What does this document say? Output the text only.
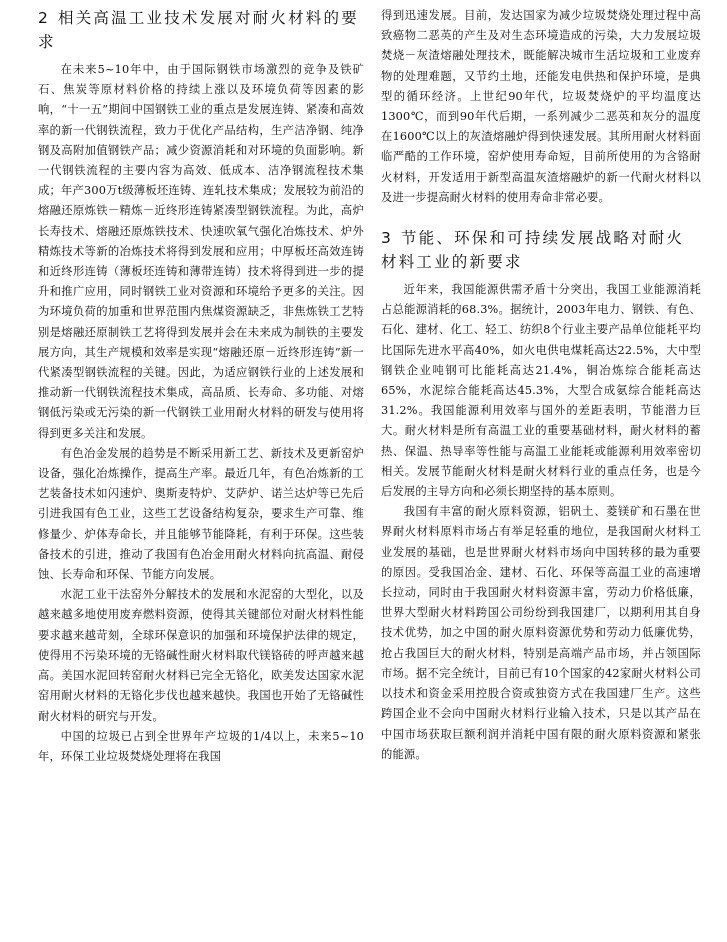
2 相关高温工业技术发展对耐火材料的要求

在未来5~10年中，由于国际钢铁市场激烈的竞争及铁矿石、焦炭等原材料价格的持续上涨以及环境负荷等因素的影响，“十一五”期间中国钢铁工业的重点是发展连铸、紧凑和高效率的新一代钢铁流程，致力于优化产品结构，生产洁净钢、纯净钢及高附加值钢铁产品；减少资源消耗和对环境的负面影响。新一代钢铁流程的主要内容为高效、低成本、洁净钢流程技术集成；年产300万t级薄板坯连铸、连轧技术集成；发展较为前沿的熔融还原炼铁－精炼－近终形连铸紧凑型钢铁流程。为此，高炉长寿技术、熔融还原炼铁技术、快速吹氧气强化冶炼技术、炉外精炼技术等新的冶炼技术将得到发展和应用；中厚板坯高效连铸和近终形连铸（薄板坯连铸和薄带连铸）技术将得到进一步的提升和推广应用，同时钢铁工业对资源和环境给予更多的关注。因为环境负荷的加重和世界范围内焦煤资源缺乏，非焦炼铁工艺特别是熔融还原制铁工艺将得到发展并会在未来成为制铁的主要发展方向，其生产规模和效率是实现“熔融还原－近终形连铸”新一代紧凑型钢铁流程的关键。因此，为适应钢铁行业的上述发展和推动新一代钢铁流程技术集成，高品质、长寿命、多功能、对熔钢低污染或无污染的新一代钢铁工业用耐火材料的研发与使用将得到更多关注和发展。

有色冶金发展的趋势是不断采用新工艺、新技术及更新窑炉设备，强化冶炼操作，提高生产率。最近几年，有色冶炼新的工艺装备技术如闪速炉、奥斯麦特炉、艾萨炉、诺兰达炉等已先后引进我国有色工业，这些工艺设备结构复杂，要求生产可靠、维修量少、炉体寿命长，并且能够节能降耗，有利于环保。这些装备技术的引进，推动了我国有色冶金用耐火材料向抗高温、耐侵蚀、长寿命和环保、节能方向发展。

水泥工业干法窑外分解技术的发展和水泥窑的大型化，以及越来越多地使用废弃燃料资源，使得其关键部位对耐火材料性能要求越来越苛刻，全球环保意识的加强和环境保护法律的规定，使得用不污染环境的无铬碱性耐火材料取代镁铬砖的呼声越来越高。美国水泥回转窑耐火材料已完全无铬化，欧美发达国家水泥窑用耐火材料的无铬化步伐也越来越快。我国也开始了无铬碱性耐火材料的研究与开发。

中国的垃圾已占到全世界年产垃圾的1/4以上，未来5~10年，环保工业垃圾焚烧处理将在我国

得到迅速发展。目前，发达国家为减少垃圾焚烧处理过程中高致癌物二恶英的产生及对生态环境造成的污染，大力发展垃圾焚烧－灰渣熔融处理技术，既能解决城市生活垃圾和工业废弃物的处理难题，又节约土地，还能发电供热和保护环境，是典型的循环经济。上世纪90年代，垃圾焚烧炉的平均温度达1300℃，而到90年代后期，一系列减少二恶英和灰分的温度在1600℃以上的灰渣熔融炉得到快速发展。其所用耐火材料面临严酷的工作环境，窑炉使用寿命短，目前所使用的为含铬耐火材料，开发适用于新型高温灰渣熔融炉的新一代耐火材料以及进一步提高耐火材料的使用寿命非常必要。

3 节能、环保和可持续发展战略对耐火材料工业的新要求

近年来，我国能源供需矛盾十分突出，我国工业能源消耗占总能源消耗的68.3%。据统计，2003年电力、钢铁、有色、石化、建材、化工、轻工、纺织8个行业主要产品单位能耗平均比国际先进水平高40%，如火电供电煤耗高达22.5%，大中型钢铁企业吨钢可比能耗高达21.4%，铜冶炼综合能耗高达65%，水泥综合能耗高达45.3%，大型合成氨综合能耗高达31.2%。我国能源利用效率与国外的差距表明，节能潜力巨大。耐火材料是所有高温工业的重要基础材料，耐火材料的蓄热、保温、热导率等性能与高温工业能耗或能源利用效率密切相关。发展节能耐火材料是耐火材料行业的重点任务，也是今后发展的主导方向和必须长期坚持的基本原则。

我国有丰富的耐火原料资源，铝矾土、菱镁矿和石墨在世界耐火材料原料市场占有举足轻重的地位，是我国耐火材料工业发展的基础，也是世界耐火材料市场向中国转移的最为重要的原因。受我国冶金、建材、石化、环保等高温工业的高速增长拉动，同时由于我国耐火材料资源丰富，劳动力价格低廉，世界大型耐火材料跨国公司纷纷到我国建厂，以期利用其自身技术优势，加之中国的耐火原料资源优势和劳动力低廉优势，抢占我国巨大的耐火材料，特别是高端产品市场，并占领国际市场。据不完全统计，目前已有10个国家的42家耐火材料公司以技术和资金采用控股合资或独资方式在我国建厂生产。这些跨国企业不会向中国耐火材料行业输入技术，只是以其产品在中国市场获取巨额利润并消耗中国有限的耐火原料资源和紧张的能源。
